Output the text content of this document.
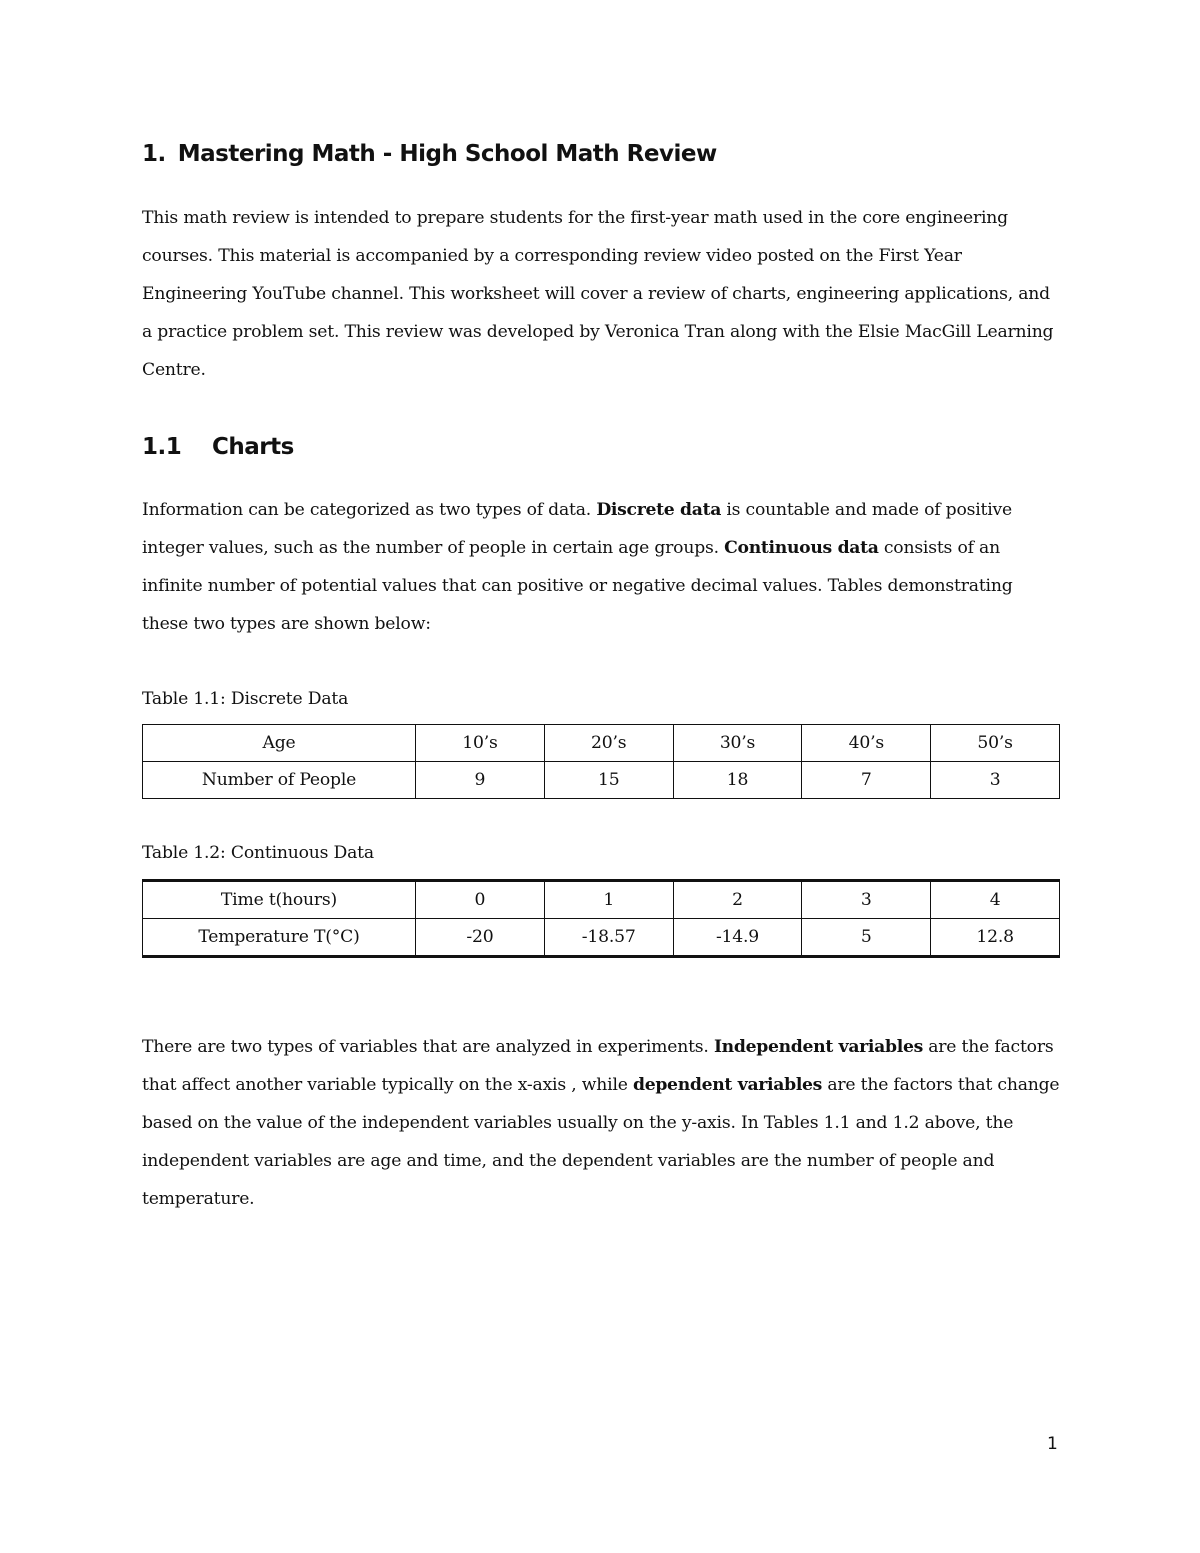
1. Mastering Math - High School Math Review
This math review is intended to prepare students for the first-year math used in the core engineering courses. This material is accompanied by a corresponding review video posted on the First Year Engineering YouTube channel. This worksheet will cover a review of charts, engineering applications, and a practice problem set. This review was developed by Veronica Tran along with the Elsie MacGill Learning Centre.
1.1 Charts
Information can be categorized as two types of data. Discrete data is countable and made of positive integer values, such as the number of people in certain age groups. Continuous data consists of an infinite number of potential values that can positive or negative decimal values. Tables demonstrating these two types are shown below:
Table 1.1: Discrete Data
Age	10’s	20’s	30’s	40’s	50’s
Number of People	9	15	18	7	3
Table 1.2: Continuous Data
Time t(hours)	0	1	2	3	4
Temperature T(°C)	-20	-18.57	-14.9	5	12.8
There are two types of variables that are analyzed in experiments. Independent variables are the factors that affect another variable typically on the x-axis , while dependent variables are the factors that change based on the value of the independent variables usually on the y-axis. In Tables 1.1 and 1.2 above, the independent variables are age and time, and the dependent variables are the number of people and temperature.
1
